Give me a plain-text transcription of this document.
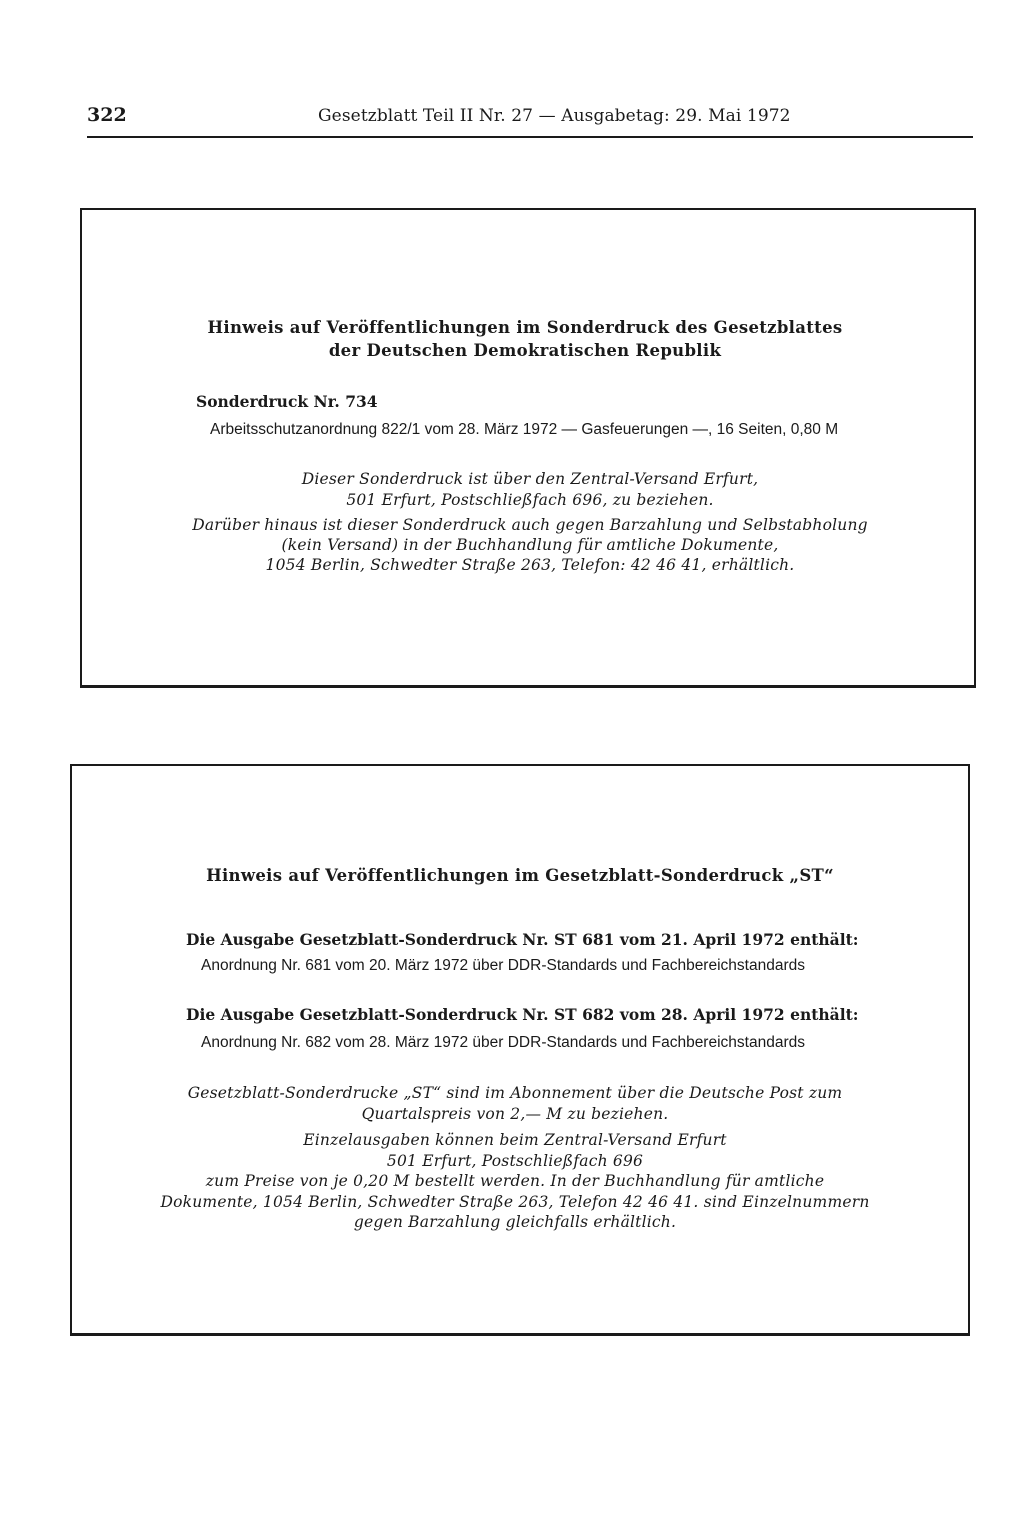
322	Gesetzblatt Teil II Nr. 27 — Ausgabetag: 29. Mai 1972
Hinweis auf Veröffentlichungen im Sonderdruck des Gesetzblattes
der Deutschen Demokratischen Republik
Sonderdruck Nr. 734
Arbeitsschutzanordnung 822/1 vom 28. März 1972 — Gasfeuerungen —, 16 Seiten, 0,80 M
Dieser Sonderdruck ist über den Zentral-Versand Erfurt,
501 Erfurt, Postschließfach 696, zu beziehen.
Darüber hinaus ist dieser Sonderdruck auch gegen Barzahlung und Selbstabholung
(kein Versand) in der Buchhandlung für amtliche Dokumente,
1054 Berlin, Schwedter Straße 263, Telefon: 42 46 41, erhältlich.
Hinweis auf Veröffentlichungen im Gesetzblatt-Sonderdruck „ST“
Die Ausgabe Gesetzblatt-Sonderdruck Nr. ST 681 vom 21. April 1972 enthält:
Anordnung Nr. 681 vom 20. März 1972 über DDR-Standards und Fachbereichstandards
Die Ausgabe Gesetzblatt-Sonderdruck Nr. ST 682 vom 28. April 1972 enthält:
Anordnung Nr. 682 vom 28. März 1972 über DDR-Standards und Fachbereichstandards
Gesetzblatt-Sonderdrucke „ST“ sind im Abonnement über die Deutsche Post zum
Quartalspreis von 2,— M zu beziehen.
Einzelausgaben können beim Zentral-Versand Erfurt
501 Erfurt, Postschließfach 696
zum Preise von je 0,20 M bestellt werden. In der Buchhandlung für amtliche
Dokumente, 1054 Berlin, Schwedter Straße 263, Telefon 42 46 41. sind Einzelnummern
gegen Barzahlung gleichfalls erhältlich.
